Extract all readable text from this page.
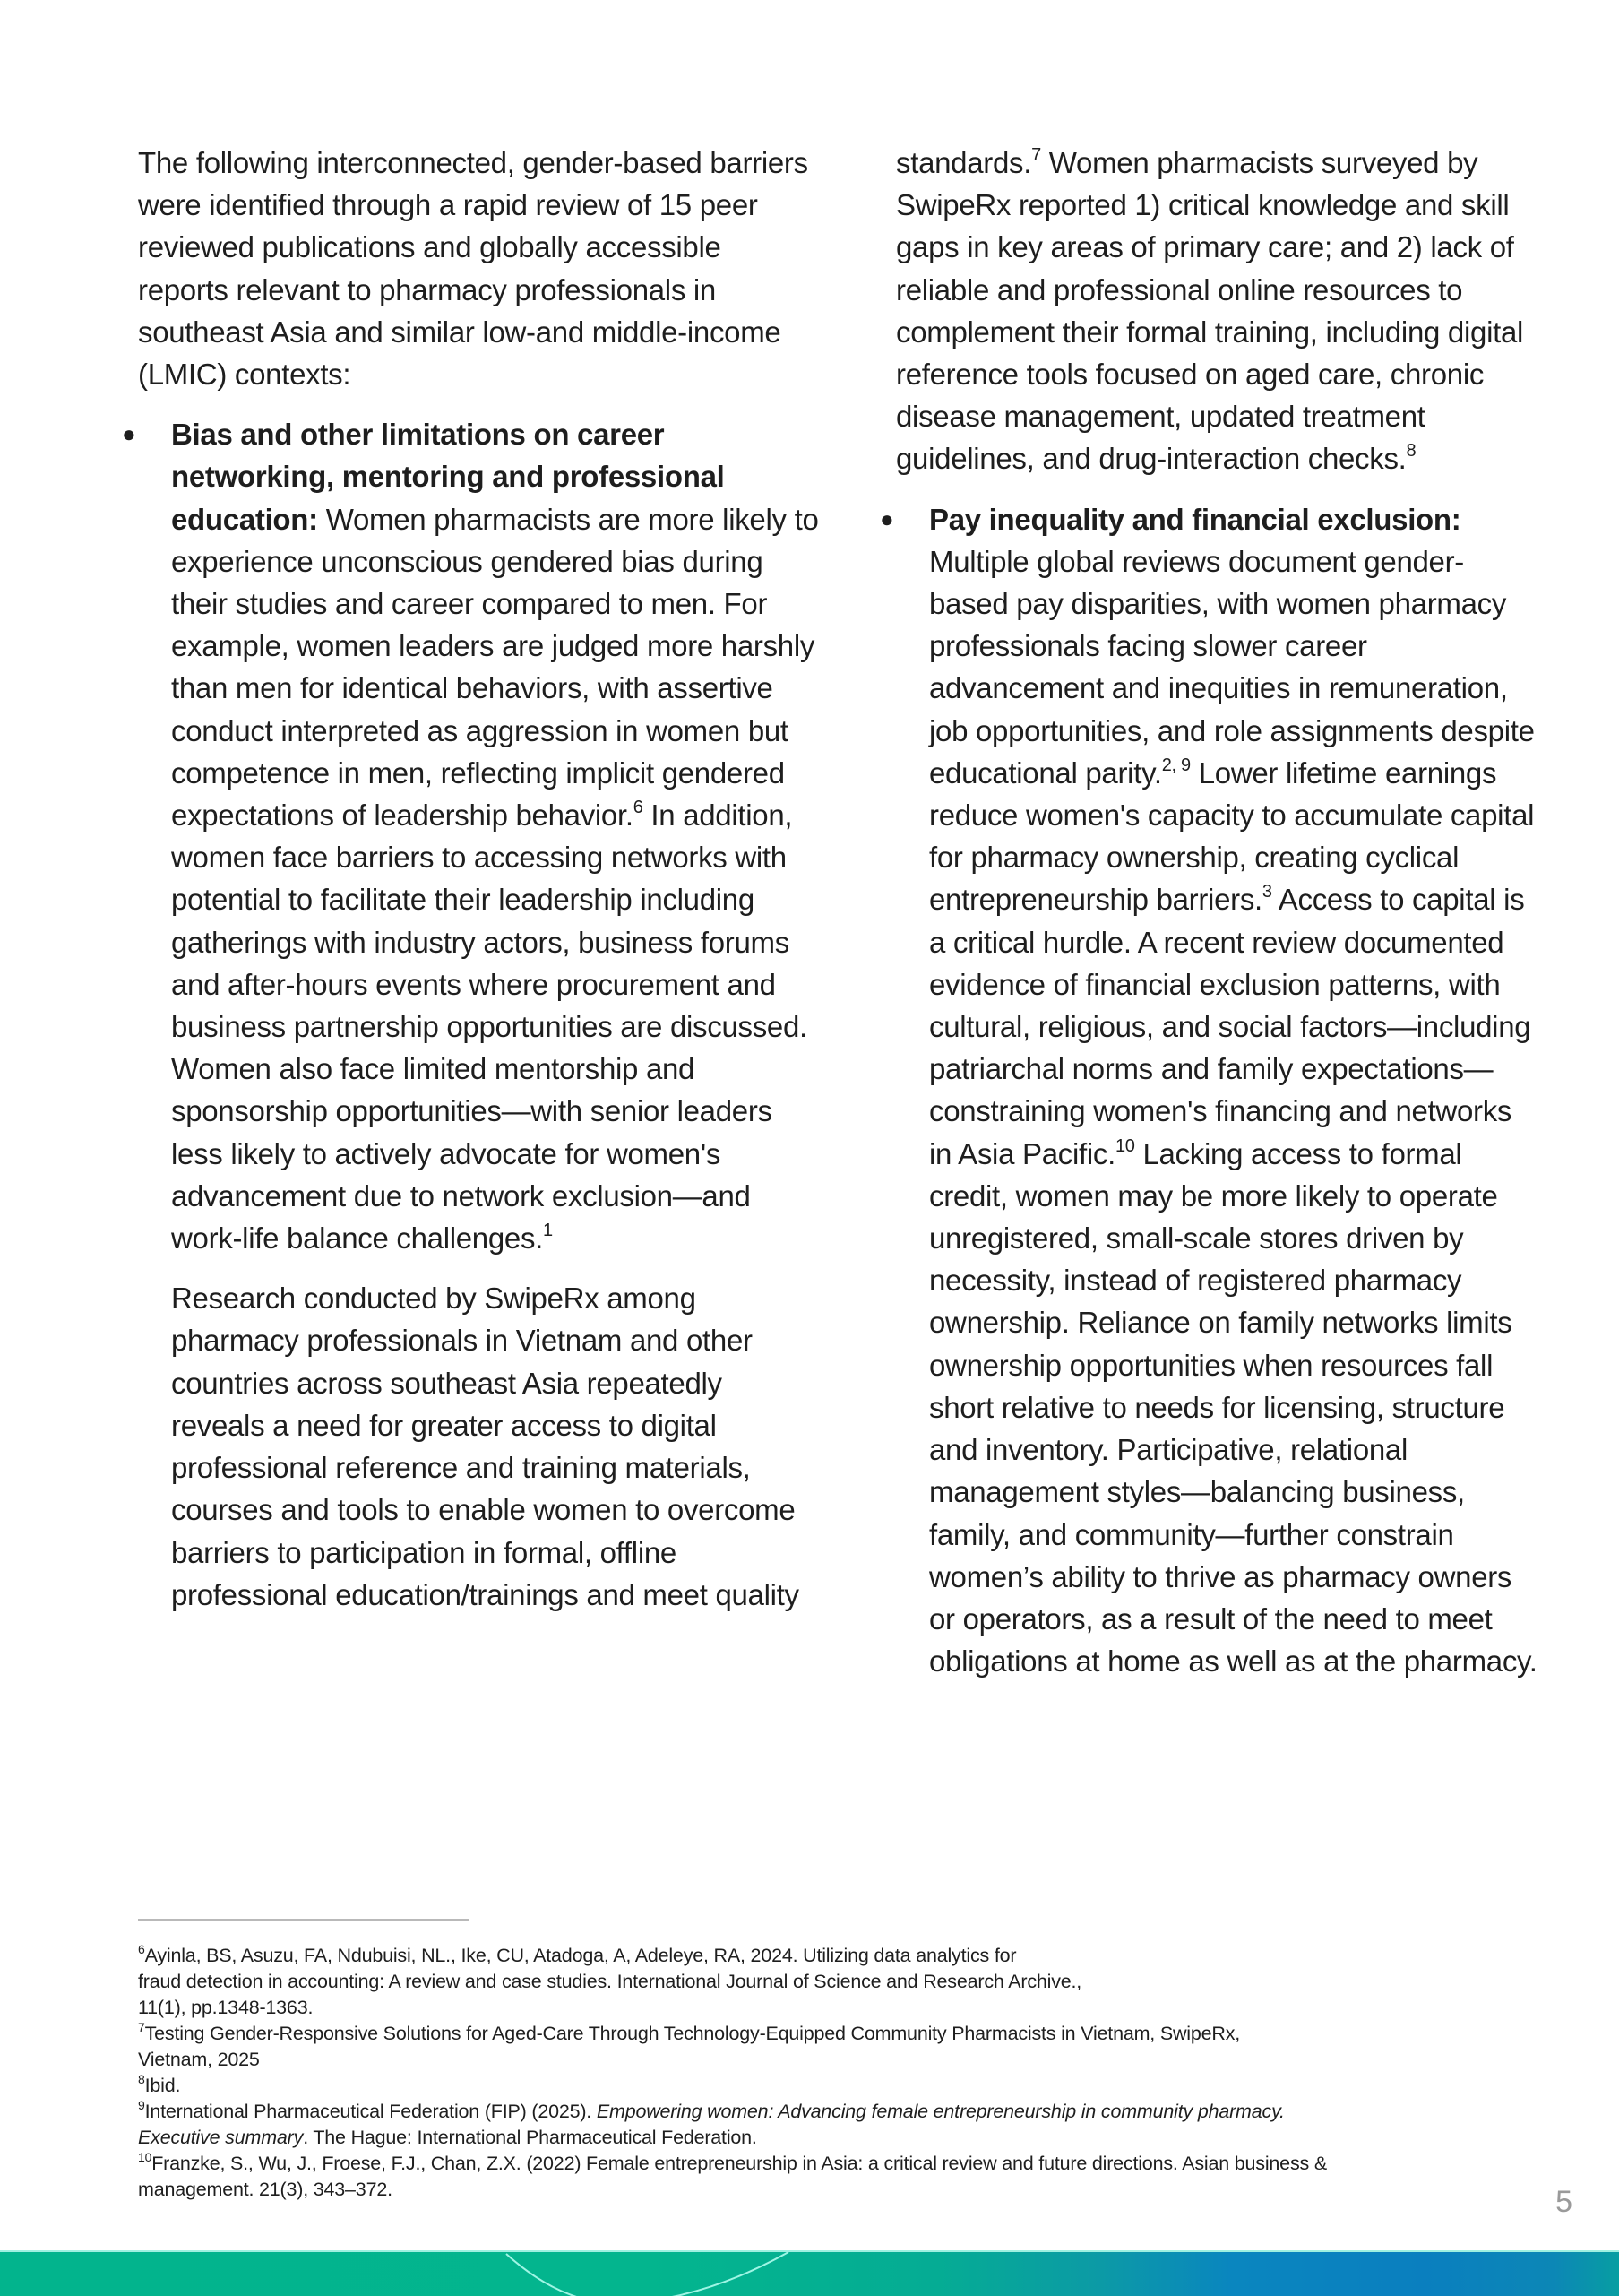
The following interconnected, gender-based barriers were identified through a rapid review of 15 peer reviewed publications and globally accessible reports relevant to pharmacy professionals in southeast Asia and similar low-and middle-income (LMIC) contexts:

● Bias and other limitations on career networking, mentoring and professional education: Women pharmacists are more likely to experience unconscious gendered bias during their studies and career compared to men. For example, women leaders are judged more harshly than men for identical behaviors, with assertive conduct interpreted as aggression in women but competence in men, reflecting implicit gendered expectations of leadership behavior.$^6$ In addition, women face barriers to accessing networks with potential to facilitate their leadership including gatherings with industry actors, business forums and after-hours events where procurement and business partnership opportunities are discussed. Women also face limited mentorship and sponsorship opportunities—with senior leaders less likely to actively advocate for women's advancement due to network exclusion—and work-life balance challenges.$^1$

Research conducted by SwipeRx among pharmacy professionals in Vietnam and other countries across southeast Asia repeatedly reveals a need for greater access to digital professional reference and training materials, courses and tools to enable women to overcome barriers to participation in formal, offline professional education/trainings and meet quality

standards.$^7$ Women pharmacists surveyed by SwipeRx reported 1) critical knowledge and skill gaps in key areas of primary care; and 2) lack of reliable and professional online resources to complement their formal training, including digital reference tools focused on aged care, chronic disease management, updated treatment guidelines, and drug-interaction checks.$^8$

● Pay inequality and financial exclusion: Multiple global reviews document gender-based pay disparities, with women pharmacy professionals facing slower career advancement and inequities in remuneration, job opportunities, and role assignments despite educational parity.$^{2, 9}$ Lower lifetime earnings reduce women's capacity to accumulate capital for pharmacy ownership, creating cyclical entrepreneurship barriers.$^3$ Access to capital is a critical hurdle. A recent review documented evidence of financial exclusion patterns, with cultural, religious, and social factors—including patriarchal norms and family expectations—constraining women's financing and networks in Asia Pacific.$^{10}$ Lacking access to formal credit, women may be more likely to operate unregistered, small-scale stores driven by necessity, instead of registered pharmacy ownership. Reliance on family networks limits ownership opportunities when resources fall short relative to needs for licensing, structure and inventory. Participative, relational management styles—balancing business, family, and community—further constrain women’s ability to thrive as pharmacy owners or operators, as a result of the need to meet obligations at home as well as at the pharmacy.
$^6$Ayinla, BS, Asuzu, FA, Ndubuisi, NL., Ike, CU, Atadoga, A, Adeleye, RA, 2024. Utilizing data analytics for
fraud detection in accounting: A review and case studies. International Journal of Science and Research Archive.,
11(1), pp.1348-1363.
$^7$Testing Gender-Responsive Solutions for Aged-Care Through Technology-Equipped Community Pharmacists in Vietnam, SwipeRx,
Vietnam, 2025
$^8$Ibid.
$^9$International Pharmaceutical Federation (FIP) (2025). Empowering women: Advancing female entrepreneurship in community pharmacy.
Executive summary. The Hague: International Pharmaceutical Federation.
$^{10}$Franzke, S., Wu, J., Froese, F.J., Chan, Z.X. (2022) Female entrepreneurship in Asia: a critical review and future directions. Asian business &
management. 21(3), 343–372.	5
